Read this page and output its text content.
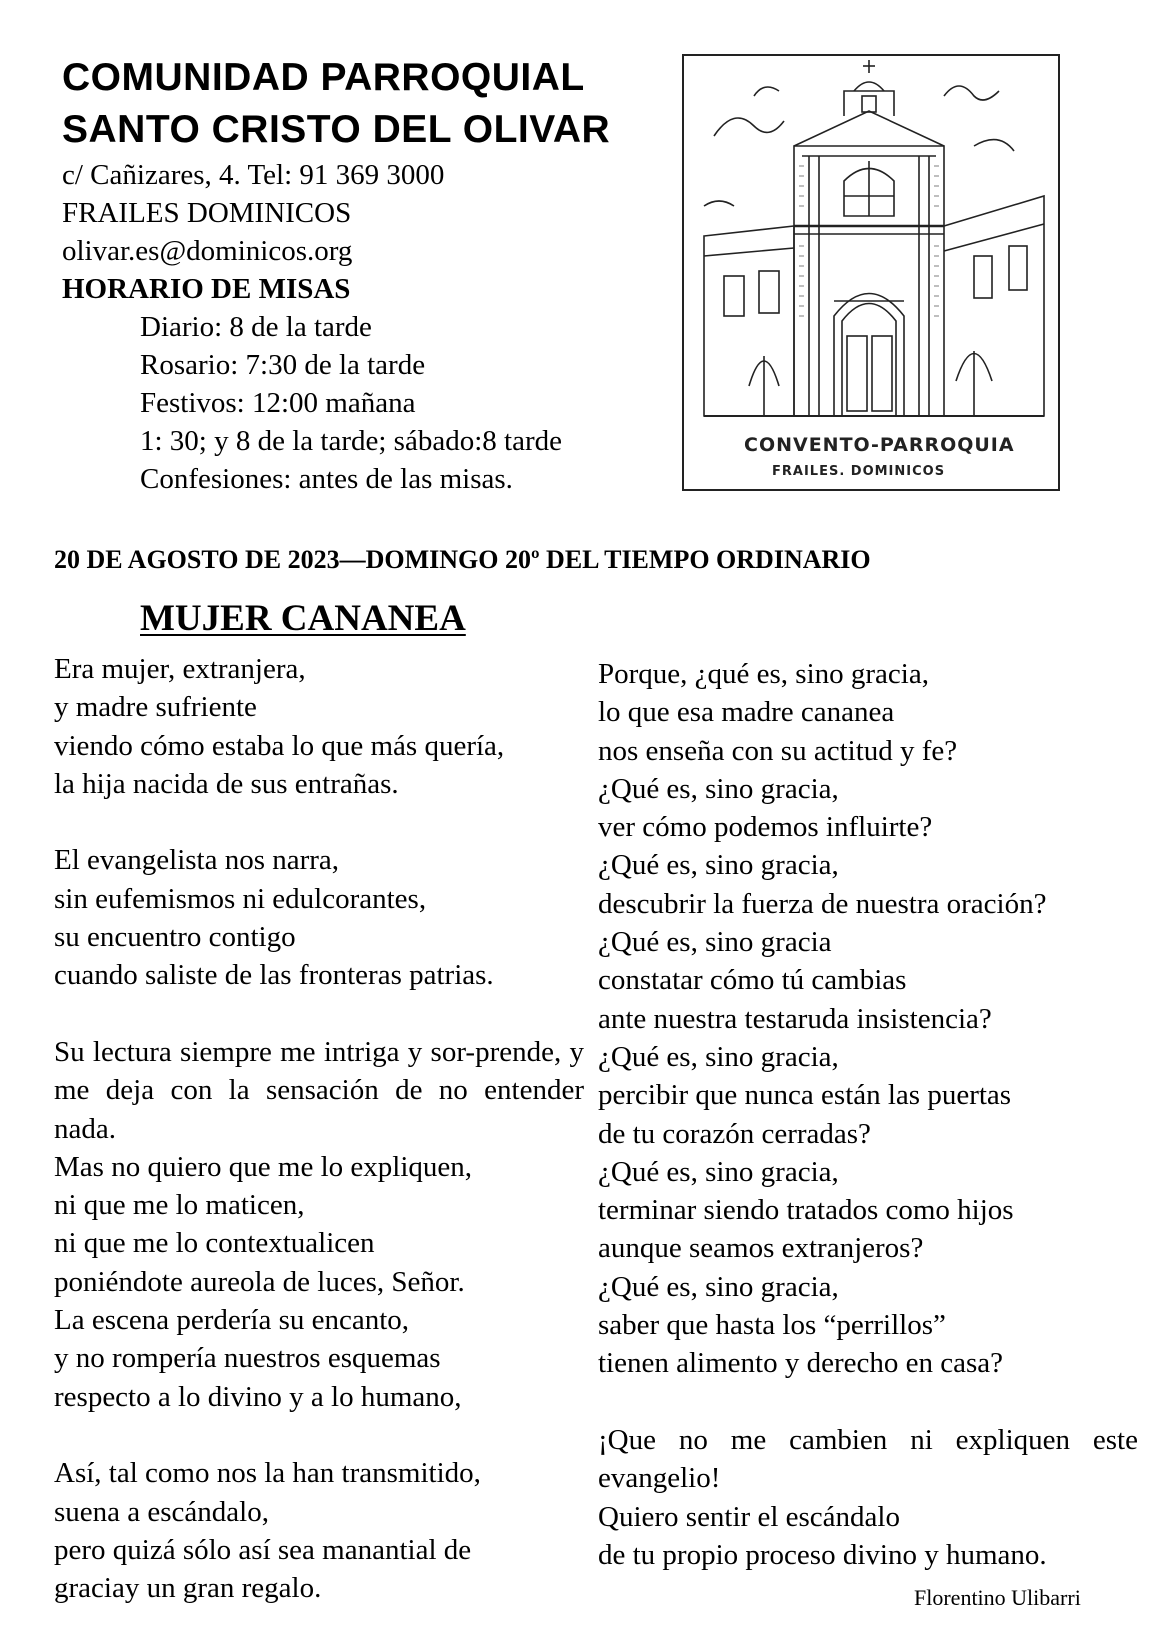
COMUNIDAD PARROQUIAL
SANTO CRISTO DEL OLIVAR
c/ Cañizares, 4. Tel: 91 369 3000
FRAILES DOMINICOS
olivar.es@dominicos.org
HORARIO DE MISAS
Diario: 8 de la tarde
Rosario: 7:30 de la tarde
Festivos: 12:00 mañana
1: 30; y 8 de la tarde; sábado:8 tarde
Confesiones: antes de las misas.
CONVENTO-PARROQUIA
FRAILES. DOMINICOS
20 DE AGOSTO DE 2023—DOMINGO 20º DEL TIEMPO ORDINARIO
MUJER CANANEA
Era mujer, extranjera,
y madre sufriente
viendo cómo estaba lo que más quería,
la hija nacida de sus entrañas.
El evangelista nos narra,
sin eufemismos ni edulcorantes,
su encuentro contigo
cuando saliste de las fronteras patrias.
Su lectura siempre me intriga y sor-prende, y me deja con la sensación de no entender nada.
Mas no quiero que me lo expliquen,
ni que me lo maticen,
ni que me lo contextualicen
poniéndote aureola de luces, Señor.
La escena perdería su encanto,
y no rompería nuestros esquemas
respecto a lo divino y a lo humano,
Así, tal como nos la han transmitido,
suena a escándalo,
pero quizá sólo así sea manantial de
graciay un gran regalo.
Porque, ¿qué es, sino gracia,
lo que esa madre cananea
nos enseña con su actitud y fe?
¿Qué es, sino gracia,
ver cómo podemos influirte?
¿Qué es, sino gracia,
descubrir la fuerza de nuestra oración?
¿Qué es, sino gracia
constatar cómo tú cambias
ante nuestra testaruda insistencia?
¿Qué es, sino gracia,
percibir que nunca están las puertas
de tu corazón cerradas?
¿Qué es, sino gracia,
terminar siendo tratados como hijos
aunque seamos extranjeros?
¿Qué es, sino gracia,
saber que hasta los “perrillos”
tienen alimento y derecho en casa?
¡Que no me cambien ni expliquen este evangelio!
Quiero sentir el escándalo
de tu propio proceso divino y humano.
Florentino Ulibarri
